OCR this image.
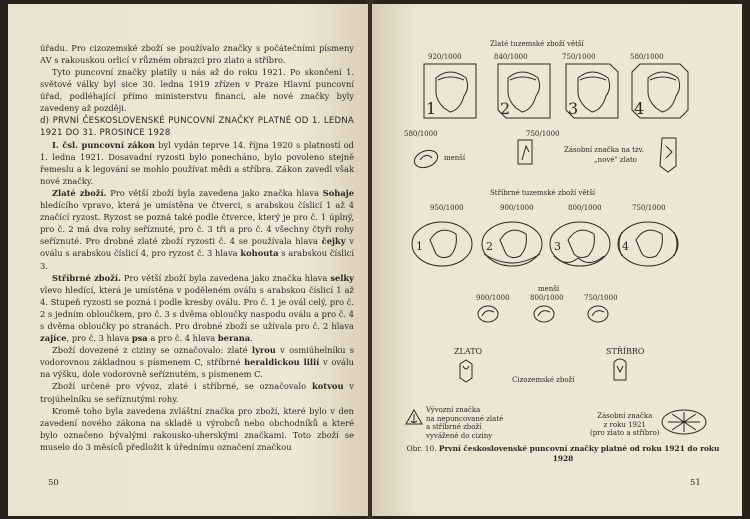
úřadu. Pro cizozemské zboží se používalo značky s počátečními písmeny AV s rakouskou orlicí v různém obrazci pro zlato a stříbro.

Tyto puncovní značky platily u nás až do roku 1921. Po skončení 1. světové války byl sice 30. ledna 1919 zřízen v Praze Hlavní puncovní úřad, podléhající přímo ministerstvu financí, ale nové značky byly zavedeny až později.

d) PRVNÍ ČESKOSLOVENSKÉ PUNCOVNÍ ZNAČKY PLATNÉ OD 1. LEDNA 1921 DO 31. PROSINCE 1928

I. čsl. puncovní zákon byl vydán teprve 14. října 1920 s platností od 1. ledna 1921. Dosavadní ryzosti bylo ponecháno, bylo povoleno stejně řemeslu a k legování se mohlo používat mědi a stříbra. Zákon zavedl však nové značky.

Zlaté zboží. Pro větší zboží byla zavedena jako značka hlava Sohaje hledícího vpravo, která je umístěna ve čtverci, s arabskou číslicí 1 až 4 značící ryzost. Ryzost se pozná také podle čtverce, který je pro č. 1 úplný, pro č. 2 má dva rohy seříznuté, pro č. 3 tři a pro č. 4 všechny čtyři rohy seříznuté. Pro drobné zlaté zboží ryzosti č. 4 se používala hlava čejky v oválu s arabskou číslicí 4, pro ryzost č. 3 hlava kohouta s arabskou číslicí 3.

Stříbrné zboží. Pro větší zboží byla zavedena jako značka hlava selky vlevo hledící, která je umístěna v poděleném oválu s arabskou číslicí 1 až 4. Stupeň ryzosti se pozná i podle kresby oválu. Pro č. 1 je ovál celý, pro č. 2 s jedním obloučkem, pro č. 3 s dvěma obloučky naspodu oválu a pro č. 4 s dvěma obloučky po stranách. Pro drobné zboží se užívala pro č. 2 hlava zajíce, pro č. 3 hlava psa a pro č. 4 hlava berana.

Zboží dovezené z ciziny se označovalo: zlaté lyrou v osmiúhelníku s vodorovnou základnou s písmenem C, stříbrné heraldickou lilií v oválu na výšku, dole vodorovně seříznutém, s písmenem C.

Zboží určené pro vývoz, zlaté i stříbrné, se označovalo kotvou v trojúhelníku se seříznutými rohy.

Kromě toho byla zavedena zvláštní značka pro zboží, které bylo v den zavedení nového zákona na skladě u výrobců nebo obchodníků a které bylo označeno bývalými rakousko-uherskými značkami. Toto zboží se muselo do 3 měsíců předložit k úřednímu označení značkou

50
Zlaté tuzemské zboží větší
920/1000	840/1000	750/1000	580/1000
580/1000	750/1000
menší
Zásobní značka na tzv.
„nové" zlato
Stříbrné tuzemské zboží větší
950/1000	900/1000	800/1000	750/1000
menší
900/1000	800/1000	750/1000
ZLATO	STŘÍBRO
Cizozemské zboží
Vývozní značka
na nepuncované zlaté
a stříbrné zboží
vyvážené do ciziny
Zásobní značka
z roku 1921
(pro zlato a stříbro)
Obr. 10. První československé puncovní značky platné od roku 1921 do roku 1928
51
1	2	3	4
1	2	3	4
